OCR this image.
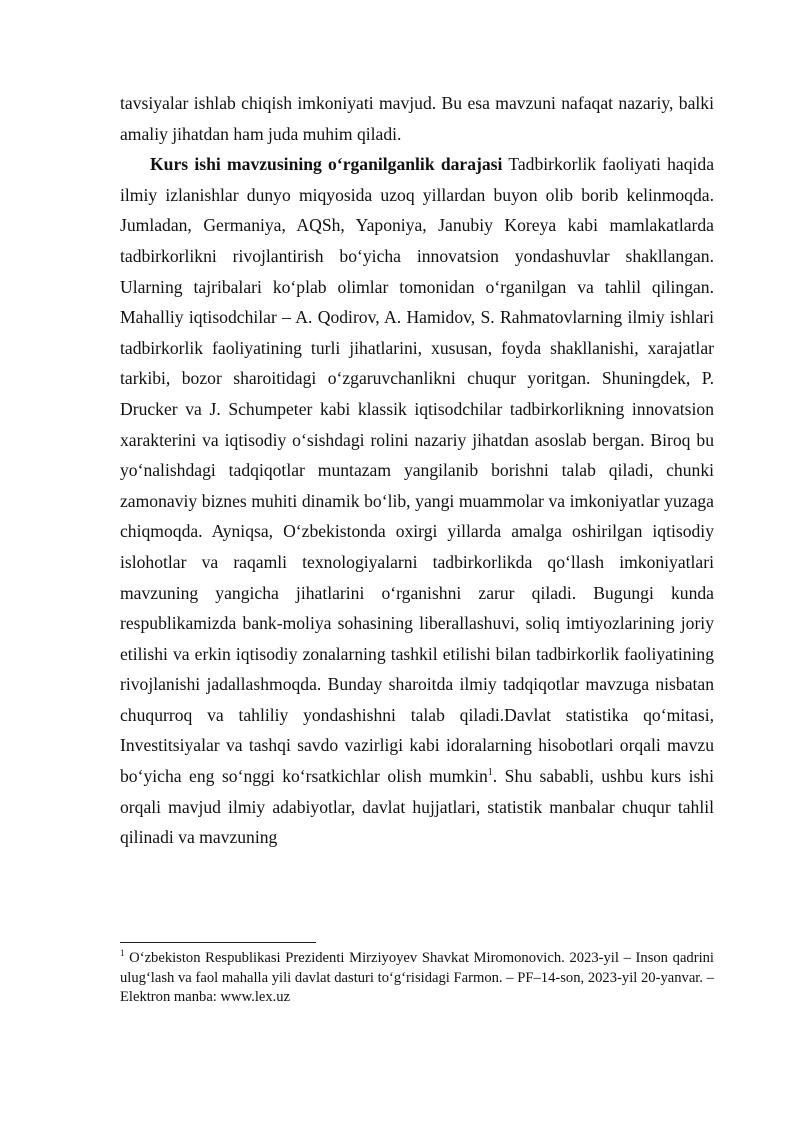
tavsiyalar ishlab chiqish imkoniyati mavjud. Bu esa mavzuni nafaqat nazariy, balki amaliy jihatdan ham juda muhim qiladi.

Kurs ishi mavzusining o‘rganilganlik darajasi Tadbirkorlik faoliyati haqida ilmiy izlanishlar dunyo miqyosida uzoq yillardan buyon olib borib kelinmoqda. Jumladan, Germaniya, AQSh, Yaponiya, Janubiy Koreya kabi mamlakatlarda tadbirkorlikni rivojlantirish bo‘yicha innovatsion yondashuvlar shakllangan. Ularning tajribalari ko‘plab olimlar tomonidan o‘rganilgan va tahlil qilingan. Mahalliy iqtisodchilar – A. Qodirov, A. Hamidov, S. Rahmatovlarning ilmiy ishlari tadbirkorlik faoliyatining turli jihatlarini, xususan, foyda shakllanishi, xarajatlar tarkibi, bozor sharoitidagi o‘zgaruvchanlikni chuqur yoritgan. Shuningdek, P. Drucker va J. Schumpeter kabi klassik iqtisodchilar tadbirkorlikning innovatsion xarakterini va iqtisodiy o‘sishdagi rolini nazariy jihatdan asoslab bergan. Biroq bu yo‘nalishdagi tadqiqotlar muntazam yangilanib borishni talab qiladi, chunki zamonaviy biznes muhiti dinamik bo‘lib, yangi muammolar va imkoniyatlar yuzaga chiqmoqda. Ayniqsa, O‘zbekistonda oxirgi yillarda amalga oshirilgan iqtisodiy islohotlar va raqamli texnologiyalarni tadbirkorlikda qo‘llash imkoniyatlari mavzuning yangicha jihatlarini o‘rganishni zarur qiladi. Bugungi kunda respublikamizda bank-moliya sohasining liberallashuvi, soliq imtiyozlarining joriy etilishi va erkin iqtisodiy zonalarning tashkil etilishi bilan tadbirkorlik faoliyatining rivojlanishi jadallashmoqda. Bunday sharoitda ilmiy tadqiqotlar mavzuga nisbatan chuqurroq va tahliliy yondashishni talab qiladi.Davlat statistika qo‘mitasi, Investitsiyalar va tashqi savdo vazirligi kabi idoralarning hisobotlari orqali mavzu bo‘yicha eng so‘nggi ko‘rsatkichlar olish mumkin$^1$. Shu sababli, ushbu kurs ishi orqali mavjud ilmiy adabiyotlar, davlat hujjatlari, statistik manbalar chuqur tahlil qilinadi va mavzuning

$^1$ O‘zbekiston Respublikasi Prezidenti Mirziyoyev Shavkat Miromonovich. 2023-yil – Inson qadrini ulug‘lash va faol mahalla yili davlat dasturi to‘g‘risidagi Farmon. – PF–14-son, 2023-yil 20-yanvar. – Elektron manba: www.lex.uz
